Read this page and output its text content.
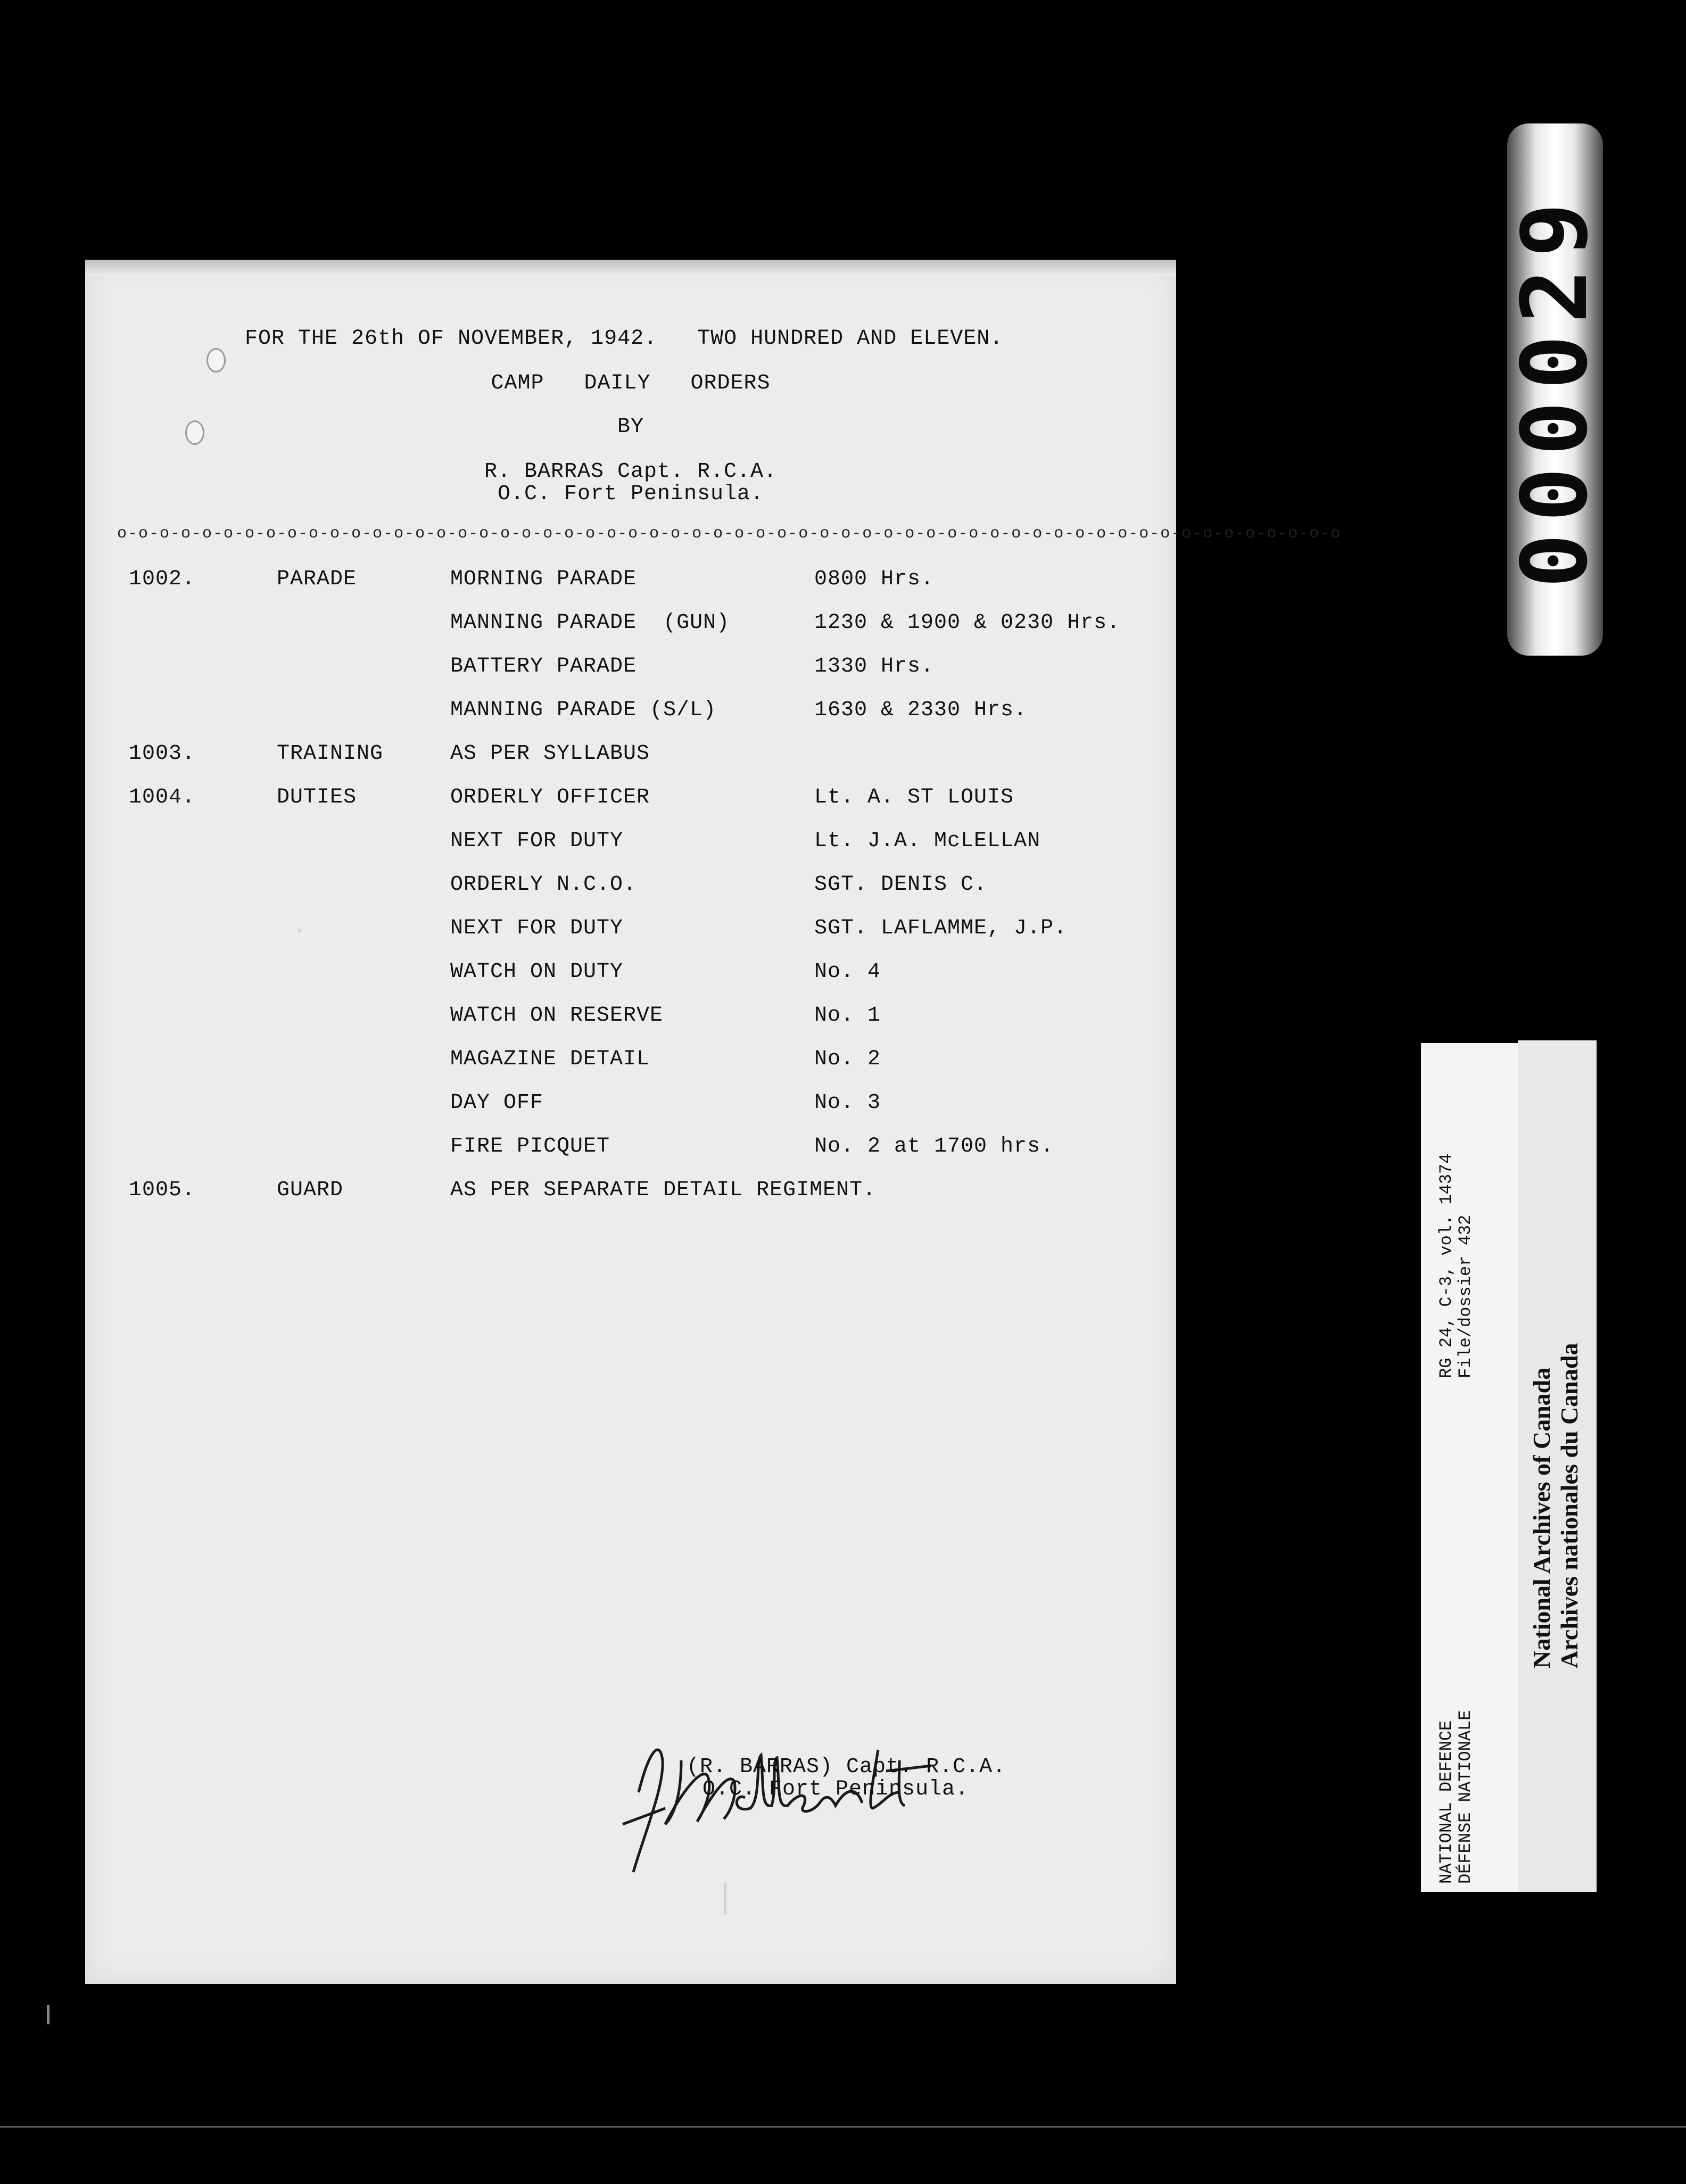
FOR THE 26th OF NOVEMBER, 1942.   TWO HUNDRED AND ELEVEN.
CAMP   DAILY   ORDERS
BY
R. BARRAS Capt. R.C.A.
O.C. Fort Peninsula.
o-o-o-o-o-o-o-o-o-o-o-o-o-o-o-o-o-o-o-o-o-o-o-o-o-o-o-o-o-o-o-o-o-o-o-o-o-o-o-o-o-o-o-o-o-o-o-o-o-o-o-o-o-o-o-o-o-o
1002.	PARADE	MORNING PARADE	0800 Hrs.
MANNING PARADE  (GUN)	1230 & 1900 & 0230 Hrs.
BATTERY PARADE	1330 Hrs.
MANNING PARADE (S/L)	1630 & 2330 Hrs.
1003.	TRAINING	AS PER SYLLABUS
1004.	DUTIES	ORDERLY OFFICER	Lt. A. ST LOUIS
NEXT FOR DUTY	Lt. J.A. McLELLAN
ORDERLY N.C.O.	SGT. DENIS C.
NEXT FOR DUTY	SGT. LAFLAMME, J.P.
WATCH ON DUTY	No. 4
WATCH ON RESERVE	No. 1
MAGAZINE DETAIL	No. 2
DAY OFF	No. 3
FIRE PICQUET	No. 2 at 1700 hrs.
1005.	GUARD	AS PER SEPARATE DETAIL REGIMENT.
(R. BARRAS) Capt. R.C.A.
O.C. Fort Peninsula.
000029
NATIONAL DEFENCE DÉFENSE NATIONALE
RG 24, C-3, vol. 14374 File/dossier 432
National Archives of Canada Archives nationales du Canada
